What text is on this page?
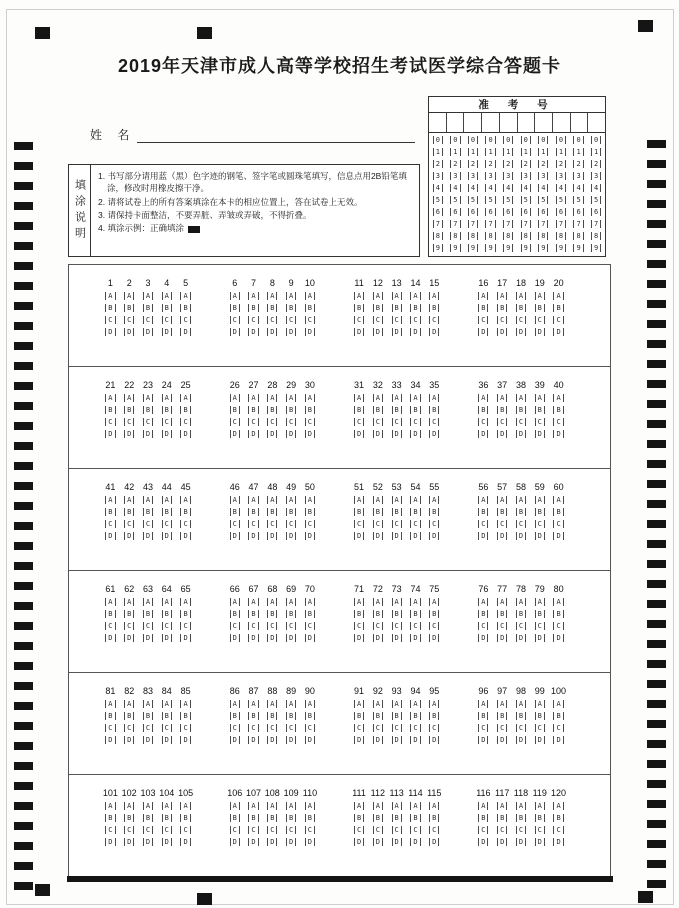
2019年天津市成人高等学校招生考试医学综合答题卡
姓 名
准 考 号
0	0	0	0	0	0	0	0	0	0
1	1	1	1	1	1	1	1	1	1
2	2	2	2	2	2	2	2	2	2
3	3	3	3	3	3	3	3	3	3
4	4	4	4	4	4	4	4	4	4
5	5	5	5	5	5	5	5	5	5
6	6	6	6	6	6	6	6	6	6
7	7	7	7	7	7	7	7	7	7
8	8	8	8	8	8	8	8	8	8
9	9	9	9	9	9	9	9	9	9
填涂说明
1. 书写部分请用蓝（黑）色字迹的钢笔、签字笔或圆珠笔填写，信息点用2B铅笔填涂，修改时用橡皮擦干净。
2. 请将试卷上的所有答案填涂在本卡的相应位置上，答在试卷上无效。
3. 请保持卡面整洁，不要弄脏、弄皱或弄破，不得折叠。
4. 填涂示例：正确填涂
1	2	3	4	5
A	A	A	A	A
B	B	B	B	B
C	C	C	C	C
D	D	D	D	D
6	7	8	9	10
A	A	A	A	A
B	B	B	B	B
C	C	C	C	C
D	D	D	D	D
11	12 13 14 15
A	A	A	A	A
B	B	B	B	B
C	C	C	C	C
D	D	D	D	D
16 17 18 19 20
A	A	A	A	A
B	B	B	B	B
C	C	C	C	C
D	D	D	D	D
21 22 23 24 25
A	A	A	A	A
B	B	B	B	B
C	C	C	C	C
D	D	D	D	D
26 27 28 29 30
A	A	A	A	A
B	B	B	B	B
C	C	C	C	C
D	D	D	D	D
31 32 33 34 35
A	A	A	A	A
B	B	B	B	B
C	C	C	C	C
D	D	D	D	D
36 37 38 39 40
A	A	A	A	A
B	B	B	B	B
C	C	C	C	C
D	D	D	D	D
41 42 43 44 45
A	A	A	A	A
B	B	B	B	B
C	C	C	C	C
D	D	D	D	D
46 47 48 49 50
A	A	A	A	A
B	B	B	B	B
C	C	C	C	C
D	D	D	D	D
51 52 53 54 55
A	A	A	A	A
B	B	B	B	B
C	C	C	C	C
D	D	D	D	D
56 57 58 59 60
A	A	A	A	A
B	B	B	B	B
C	C	C	C	C
D	D	D	D	D
61 62 63 64 65
A	A	A	A	A
B	B	B	B	B
C	C	C	C	C
D	D	D	D	D
66 67 68 69 70
A	A	A	A	A
B	B	B	B	B
C	C	C	C	C
D	D	D	D	D
71 72 73 74 75
A	A	A	A	A
B	B	B	B	B
C	C	C	C	C
D	D	D	D	D
76 77 78 79 80
A	A	A	A	A
B	B	B	B	B
C	C	C	C	C
D	D	D	D	D
81 82 83 84 85
A	A	A	A	A
B	B	B	B	B
C	C	C	C	C
D	D	D	D	D
86 87 88 89 90
A	A	A	A	A
B	B	B	B	B
C	C	C	C	C
D	D	D	D	D
91 92 93 94 95
A	A	A	A	A
B	B	B	B	B
C	C	C	C	C
D	D	D	D	D
96 97 98 99 100
A	A	A	A	A
B	B	B	B	B
C	C	C	C	C
D	D	D	D	D
101 102 103 104 105
A	A	A	A	A
B	B	B	B	B
C	C	C	C	C
D	D	D	D	D
106 107 108 109 110
A	A	A	A	A
B	B	B	B	B
C	C	C	C	C
D	D	D	D	D
111 112 113 114 115
A	A	A	A	A
B	B	B	B	B
C	C	C	C	C
D	D	D	D	D
116 117 118 119 120
A	A	A	A	A
B	B	B	B	B
C	C	C	C	C
D	D	D	D	D
